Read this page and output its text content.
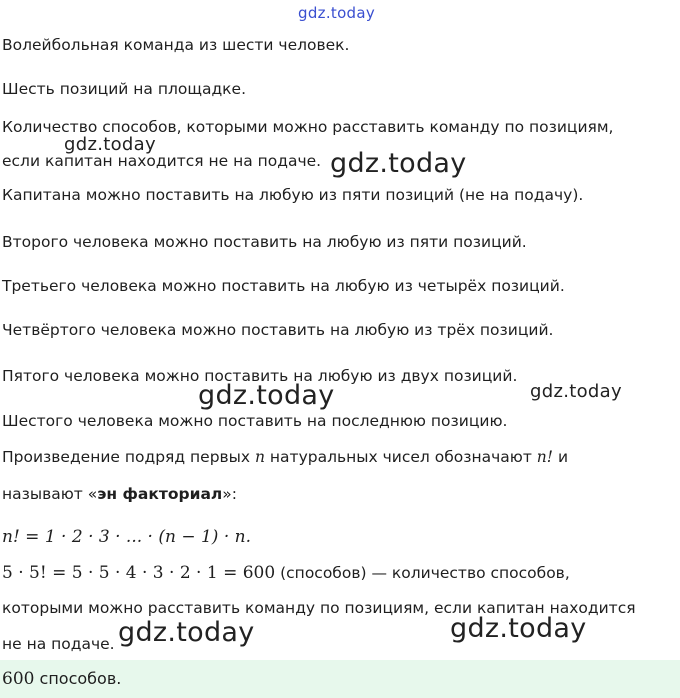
gdz.today
Волейбольная команда из шести человек.
Шесть позиций на площадке.
Количество способов, которыми можно расставить команду по позициям,
если капитан находится не на подаче.
Капитана можно поставить на любую из пяти позиций (не на подачу).
Второго человека можно поставить на любую из пяти позиций.
Третьего человека можно поставить на любую из четырёх позиций.
Четвёртого человека можно поставить на любую из трёх позиций.
Пятого человека можно поставить на любую из двух позиций.
Шестого человека можно поставить на последнюю позицию.
Произведение подряд первых n натуральных чисел обозначают n! и
называют «эн факториал»:
n! = 1 · 2 · 3 · ... · (n − 1) · n.
5 · 5! = 5 · 5 · 4 · 3 · 2 · 1 = 600 (способов) — количество способов,
которыми можно расставить команду по позициям, если капитан находится
не на подаче.
600 способов.
gdz.today
gdz.today
gdz.today	gdz.today
gdz.today	gdz.today
